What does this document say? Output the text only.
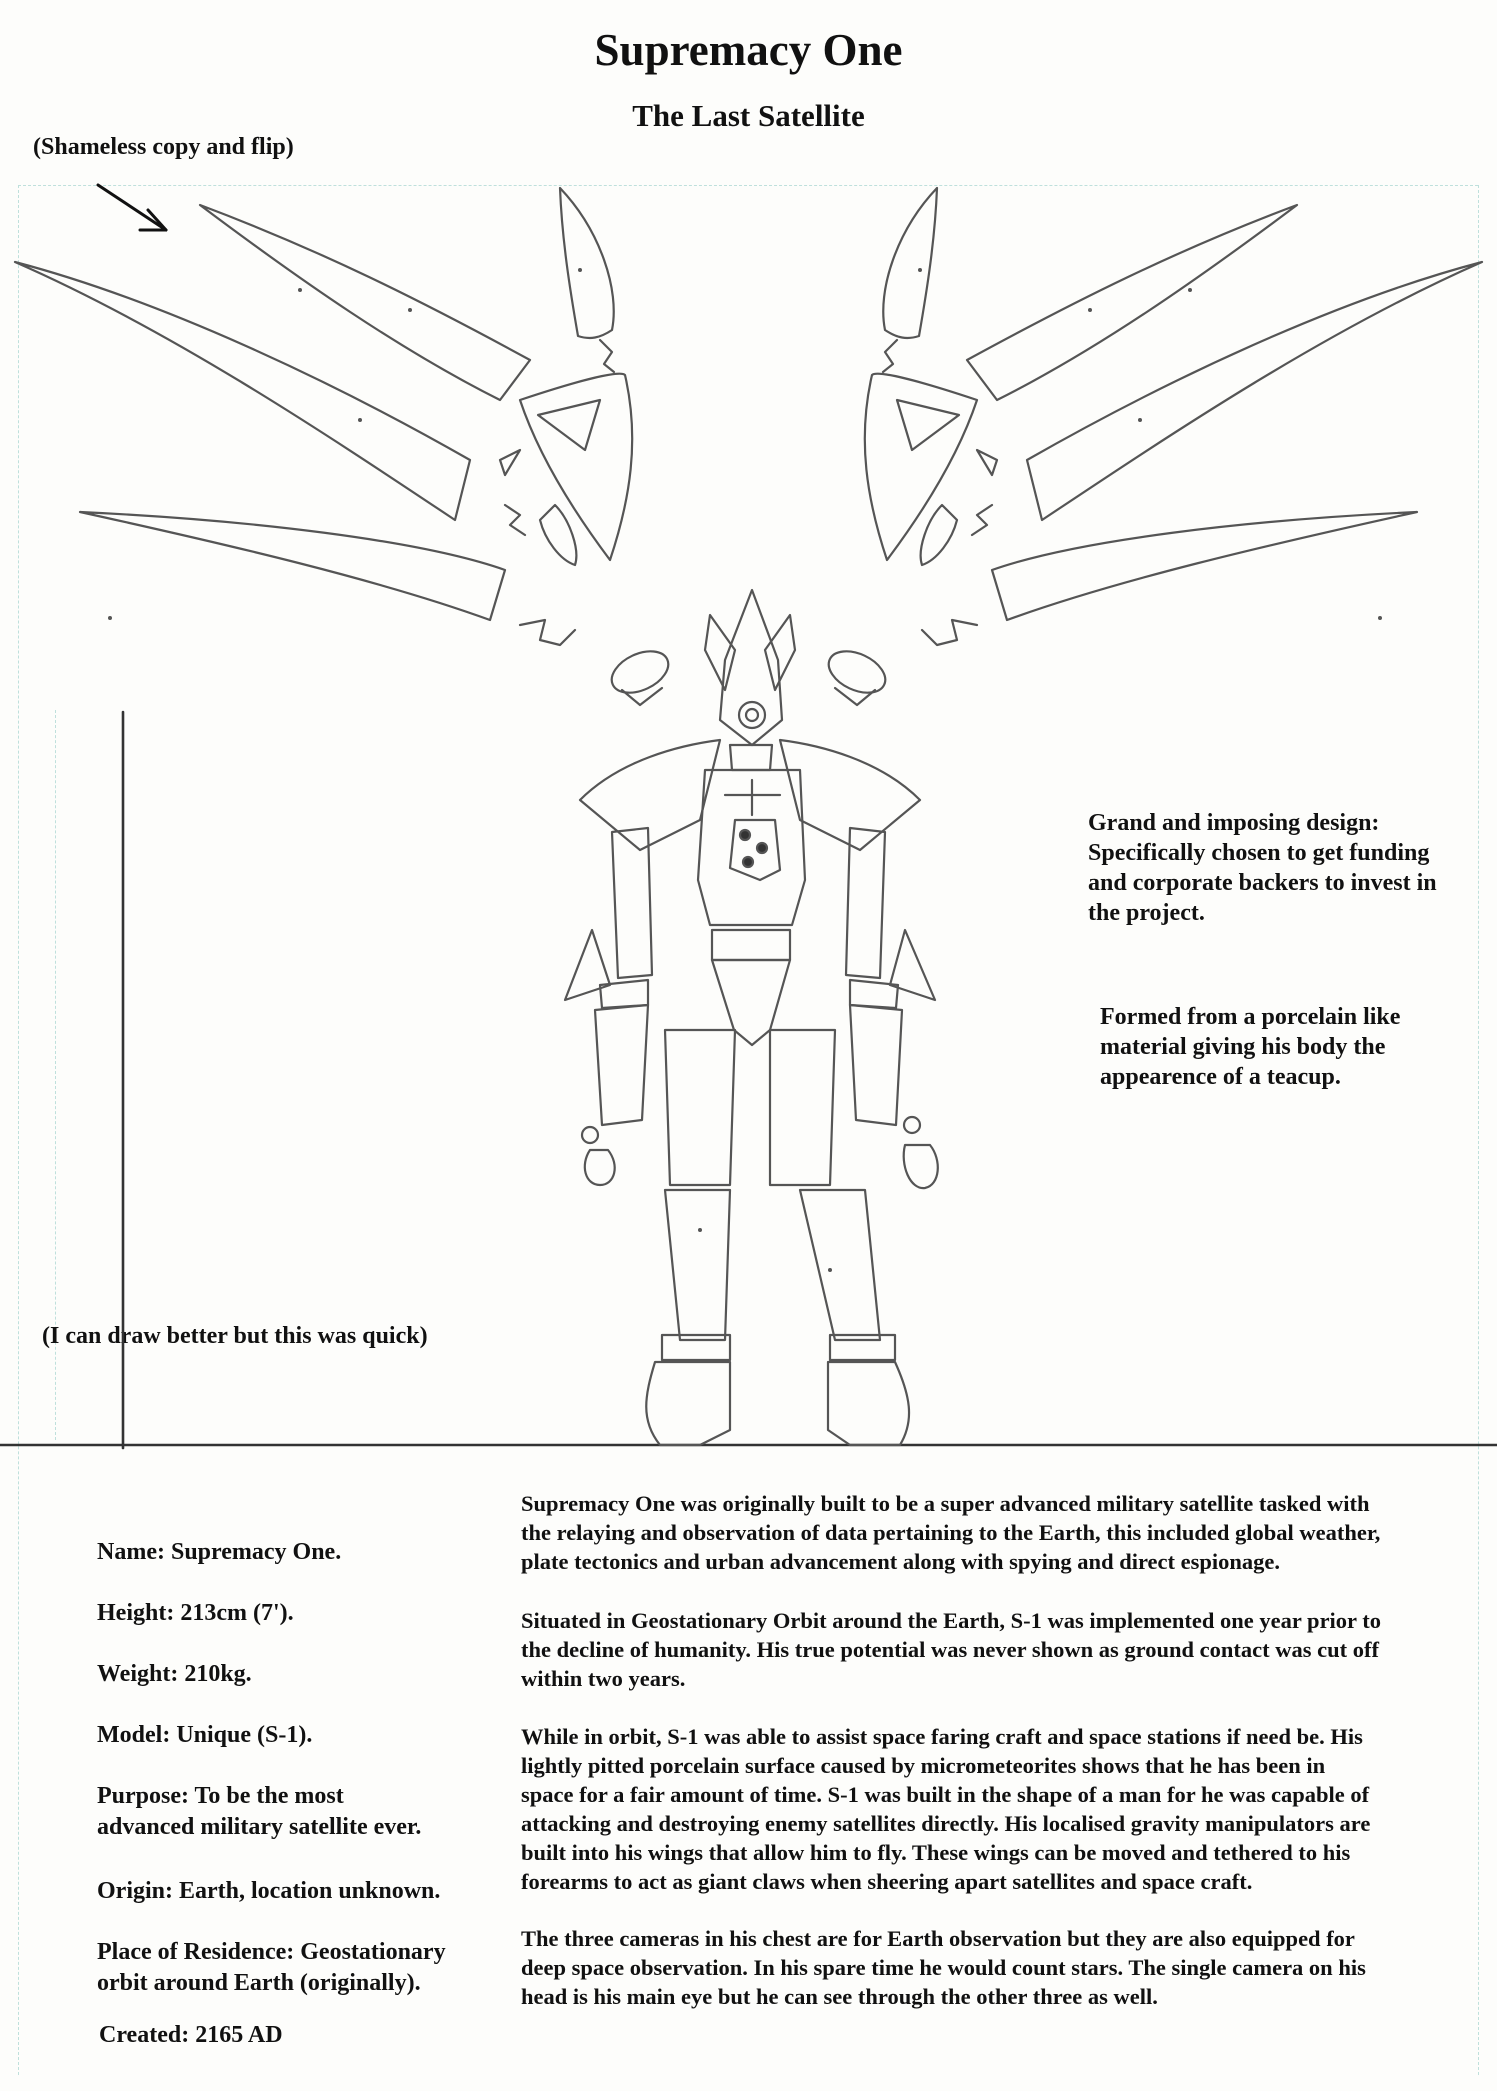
Supremacy One
The Last Satellite
(Shameless copy and flip)
(I can draw better but this was quick)
Grand and imposing design:
Specifically chosen to get funding
and corporate backers to invest in
the project.
Formed from a porcelain like
material giving his body the
appearence of a teacup.
Name: Supremacy One.
Height: 213cm (7').
Weight: 210kg.
Model: Unique (S-1).
Purpose: To be the most
advanced military satellite ever.
Origin: Earth, location unknown.
Place of Residence: Geostationary
orbit around Earth (originally).
Created: 2165 AD
Supremacy One was originally built to be a super advanced military satellite tasked with
the relaying and observation of data pertaining to the Earth, this included global weather,
plate tectonics and urban advancement along with spying and direct espionage.
Situated in Geostationary Orbit around the Earth, S-1 was implemented one year prior to
the decline of humanity. His true potential was never shown as ground contact was cut off
within two years.
While in orbit, S-1 was able to assist space faring craft and space stations if need be. His
lightly pitted porcelain surface caused by micrometeorites shows that he has been in
space for a fair amount of time. S-1 was built in the shape of a man for he was capable of
attacking and destroying enemy satellites directly. His localised gravity manipulators are
built into his wings that allow him to fly. These wings can be moved and tethered to his
forearms to act as giant claws when sheering apart satellites and space craft.
The three cameras in his chest are for Earth observation but they are also equipped for
deep space observation. In his spare time he would count stars. The single camera on his
head is his main eye but he can see through the other three as well.
